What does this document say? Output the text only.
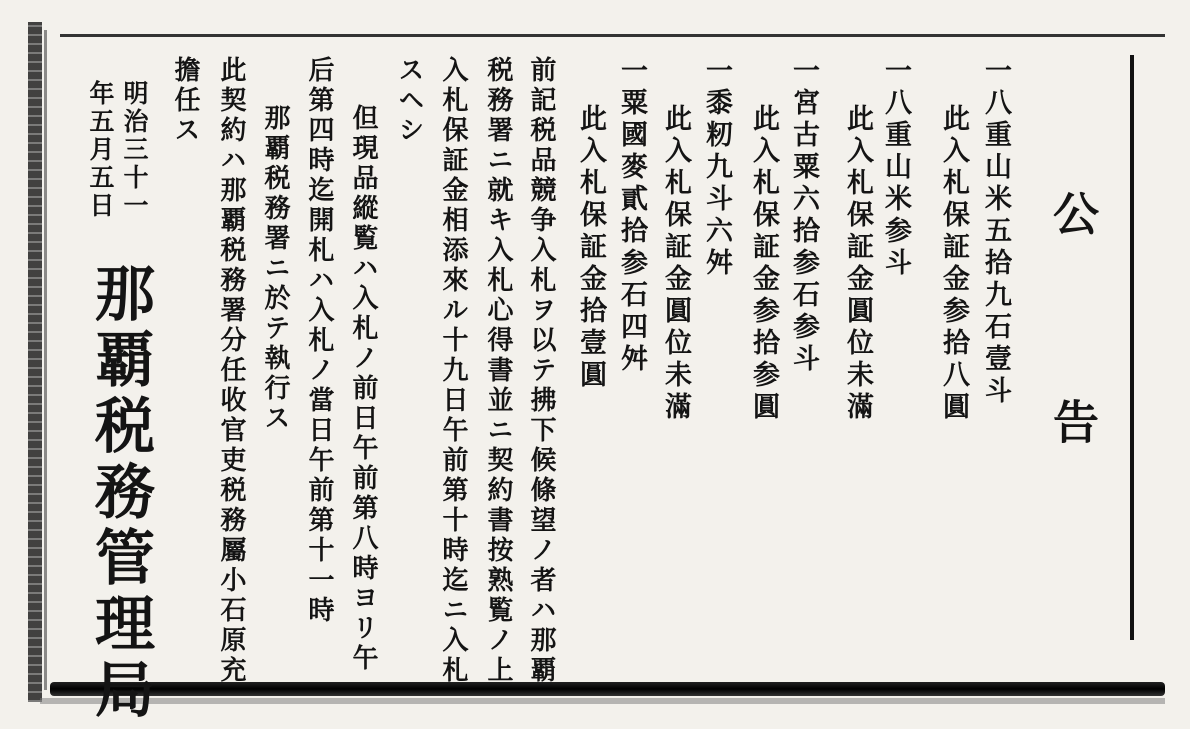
公
告
一八重山米五拾九石壹斗
此入札保証金参拾八圓
一八重山米参斗
此入札保証金圓位未滿
一宮古粟六拾参石参斗
此入札保証金参拾参圓
一黍籾九斗六舛
此入札保証金圓位未滿
一粟國麥貳拾参石四舛
此入札保証金拾壹圓
前記税品競争入札ヲ以テ拂下候條望ノ者ハ那覇
税務署ニ就キ入札心得書並ニ契約書按熟覧ノ上
入札保証金相添來ル十九日午前第十時迄ニ入札
スヘシ
但現品縱覧ハ入札ノ前日午前第八時ヨリ午
后第四時迄開札ハ入札ノ當日午前第十一時
那覇税務署ニ於テ執行ス
此契約ハ那覇税務署分任收官吏税務屬小石原充
擔任ス
明治三十一
年五月五日
那覇税務管理局
